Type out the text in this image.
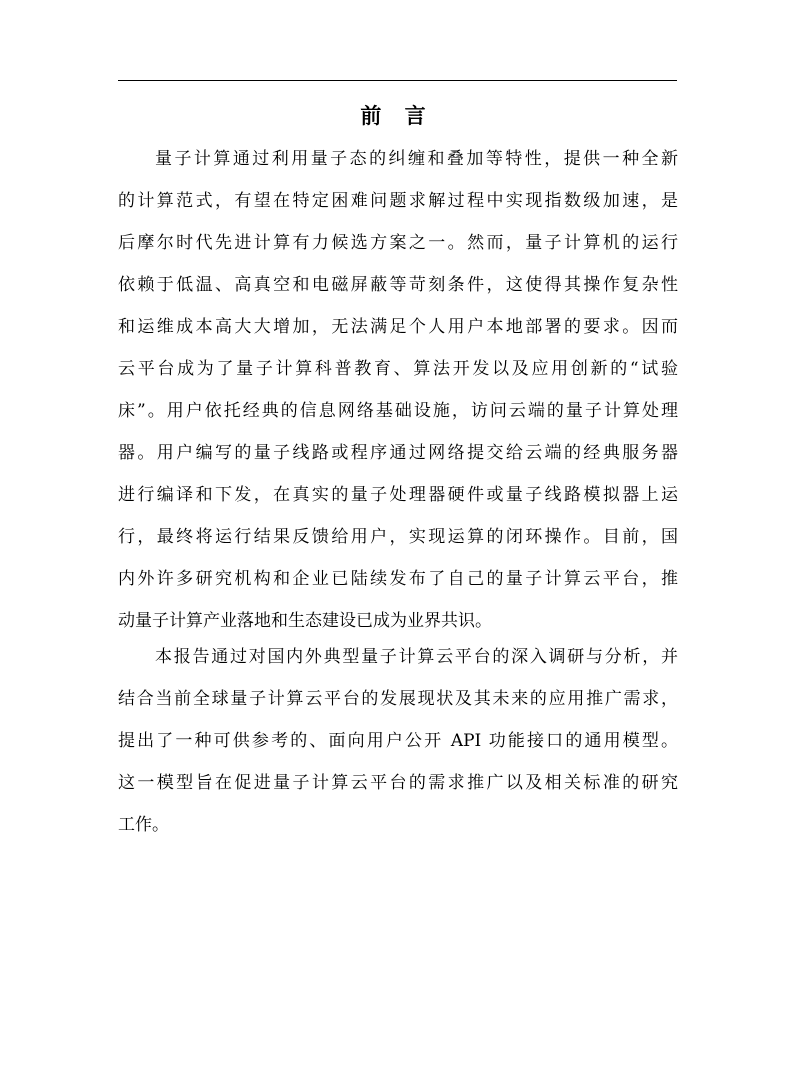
前 言
量子计算通过利用量子态的纠缠和叠加等特性，提供一种全新
的计算范式，有望在特定困难问题求解过程中实现指数级加速，是
后摩尔时代先进计算有力候选方案之一。然而，量子计算机的运行
依赖于低温、高真空和电磁屏蔽等苛刻条件，这使得其操作复杂性
和运维成本高大大增加，无法满足个人用户本地部署的要求。因而
云平台成为了量子计算科普教育、算法开发以及应用创新的“试验
床”。用户依托经典的信息网络基础设施，访问云端的量子计算处理
器。用户编写的量子线路或程序通过网络提交给云端的经典服务器
进行编译和下发，在真实的量子处理器硬件或量子线路模拟器上运
行，最终将运行结果反馈给用户，实现运算的闭环操作。目前，国
内外许多研究机构和企业已陆续发布了自己的量子计算云平台，推
动量子计算产业落地和生态建设已成为业界共识。
本报告通过对国内外典型量子计算云平台的深入调研与分析，并
结合当前全球量子计算云平台的发展现状及其未来的应用推广需求，
提出了一种可供参考的、面向用户公开 API 功能接口的通用模型。
这一模型旨在促进量子计算云平台的需求推广以及相关标准的研究
工作。
